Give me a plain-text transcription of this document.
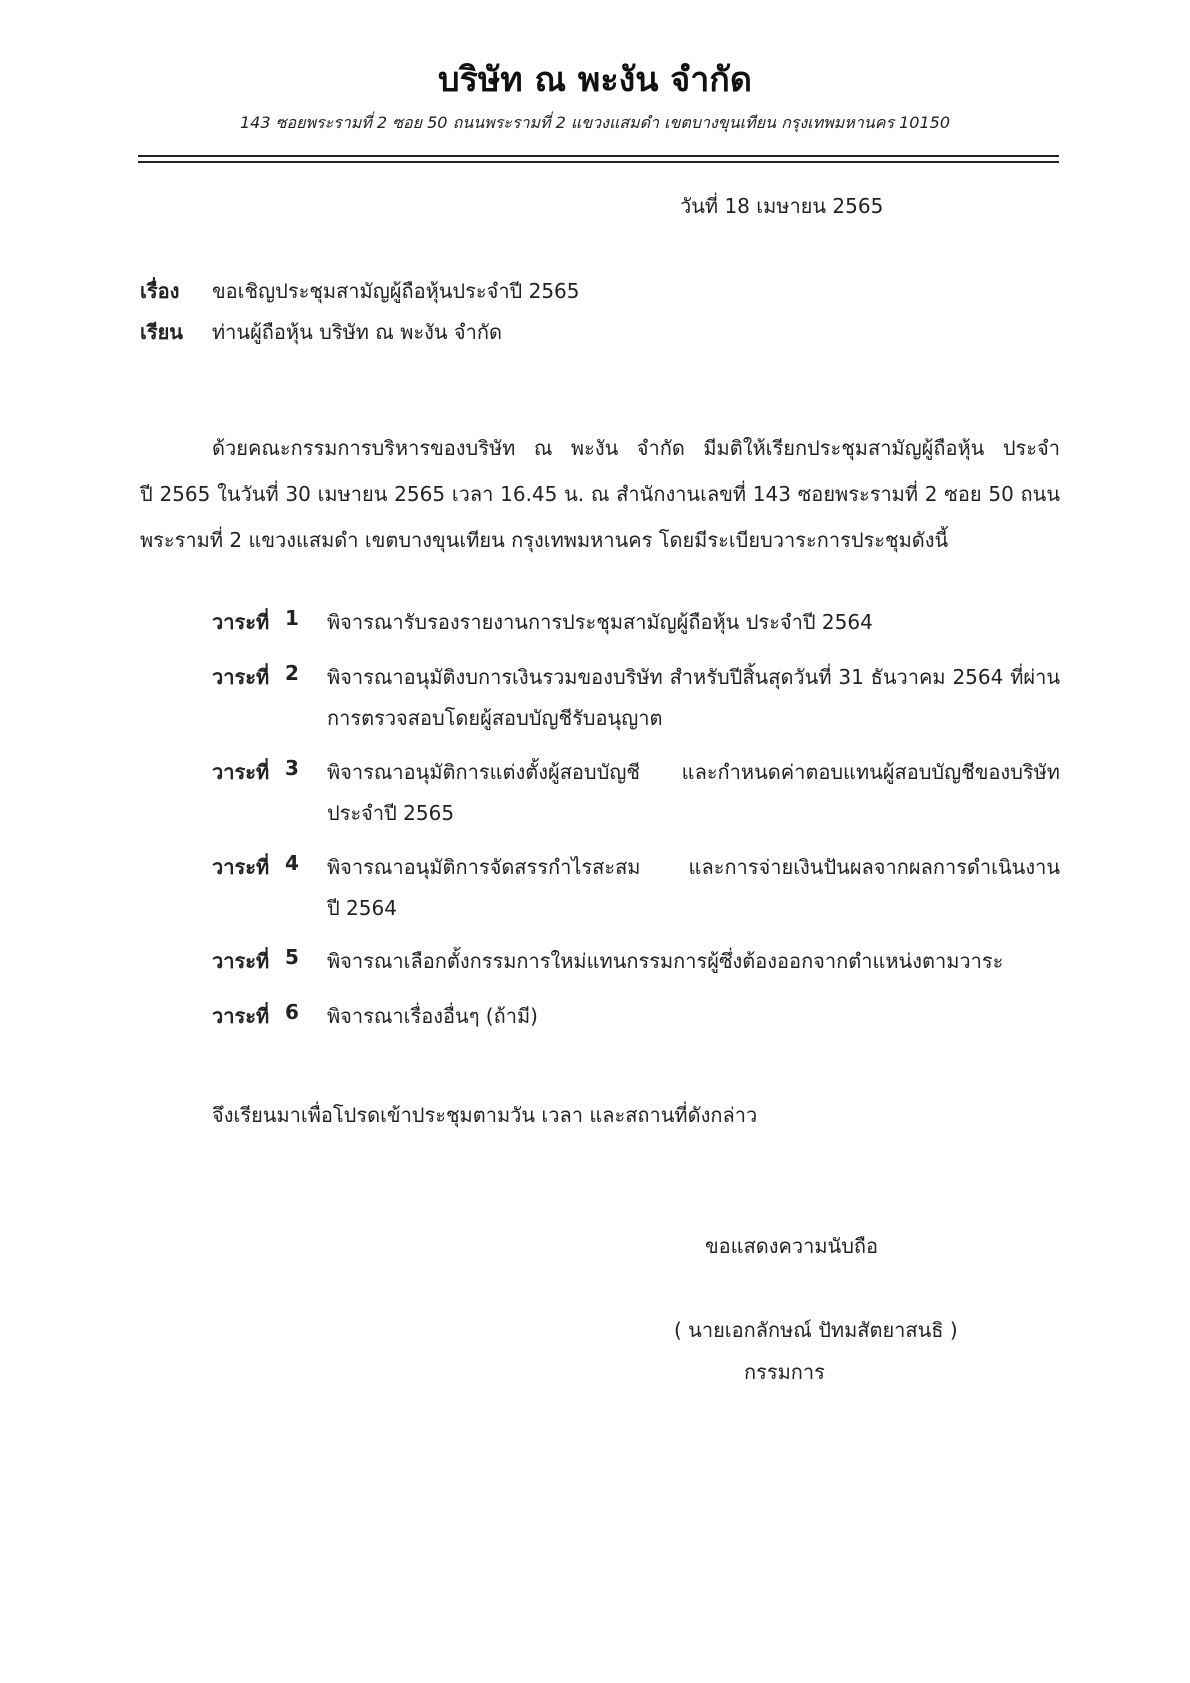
บริษัท ณ พะงัน จำกัด
143 ซอยพระรามที่ 2 ซอย 50 ถนนพระรามที่ 2 แขวงแสมดำ เขตบางขุนเทียน กรุงเทพมหานคร 10150
วันที่ 18 เมษายน 2565
เรื่อง ขอเชิญประชุมสามัญผู้ถือหุ้นประจำปี 2565
เรียน ท่านผู้ถือหุ้น บริษัท ณ พะงัน จำกัด
ด้วยคณะกรรมการบริหารของบริษัท ณ พะงัน จำกัด มีมติให้เรียกประชุมสามัญผู้ถือหุ้น ประจำ
ปี 2565 ในวันที่ 30 เมษายน 2565 เวลา 16.45 น. ณ สำนักงานเลขที่ 143 ซอยพระรามที่ 2 ซอย 50 ถนน
พระรามที่ 2 แขวงแสมดำ เขตบางขุนเทียน กรุงเทพมหานคร โดยมีระเบียบวาระการประชุมดังนี้
วาระที่ 1 พิจารณารับรองรายงานการประชุมสามัญผู้ถือหุ้น ประจำปี 2564
วาระที่ 2 พิจารณาอนุมัติงบการเงินรวมของบริษัท สำหรับปีสิ้นสุดวันที่ 31 ธันวาคม 2564 ที่ผ่าน
การตรวจสอบโดยผู้สอบบัญชีรับอนุญาต
วาระที่ 3 พิจารณาอนุมัติการแต่งตั้งผู้สอบบัญชี และกำหนดค่าตอบแทนผู้สอบบัญชีของบริษัท
ประจำปี 2565
วาระที่ 4 พิจารณาอนุมัติการจัดสรรกำไรสะสม และการจ่ายเงินปันผลจากผลการดำเนินงาน
ปี 2564
วาระที่ 5 พิจารณาเลือกตั้งกรรมการใหม่แทนกรรมการผู้ซึ่งต้องออกจากตำแหน่งตามวาระ
วาระที่ 6 พิจารณาเรื่องอื่นๆ (ถ้ามี)
จึงเรียนมาเพื่อโปรดเข้าประชุมตามวัน เวลา และสถานที่ดังกล่าว
ขอแสดงความนับถือ
( นายเอกลักษณ์ ปัทมสัตยาสนธิ )
กรรมการ
